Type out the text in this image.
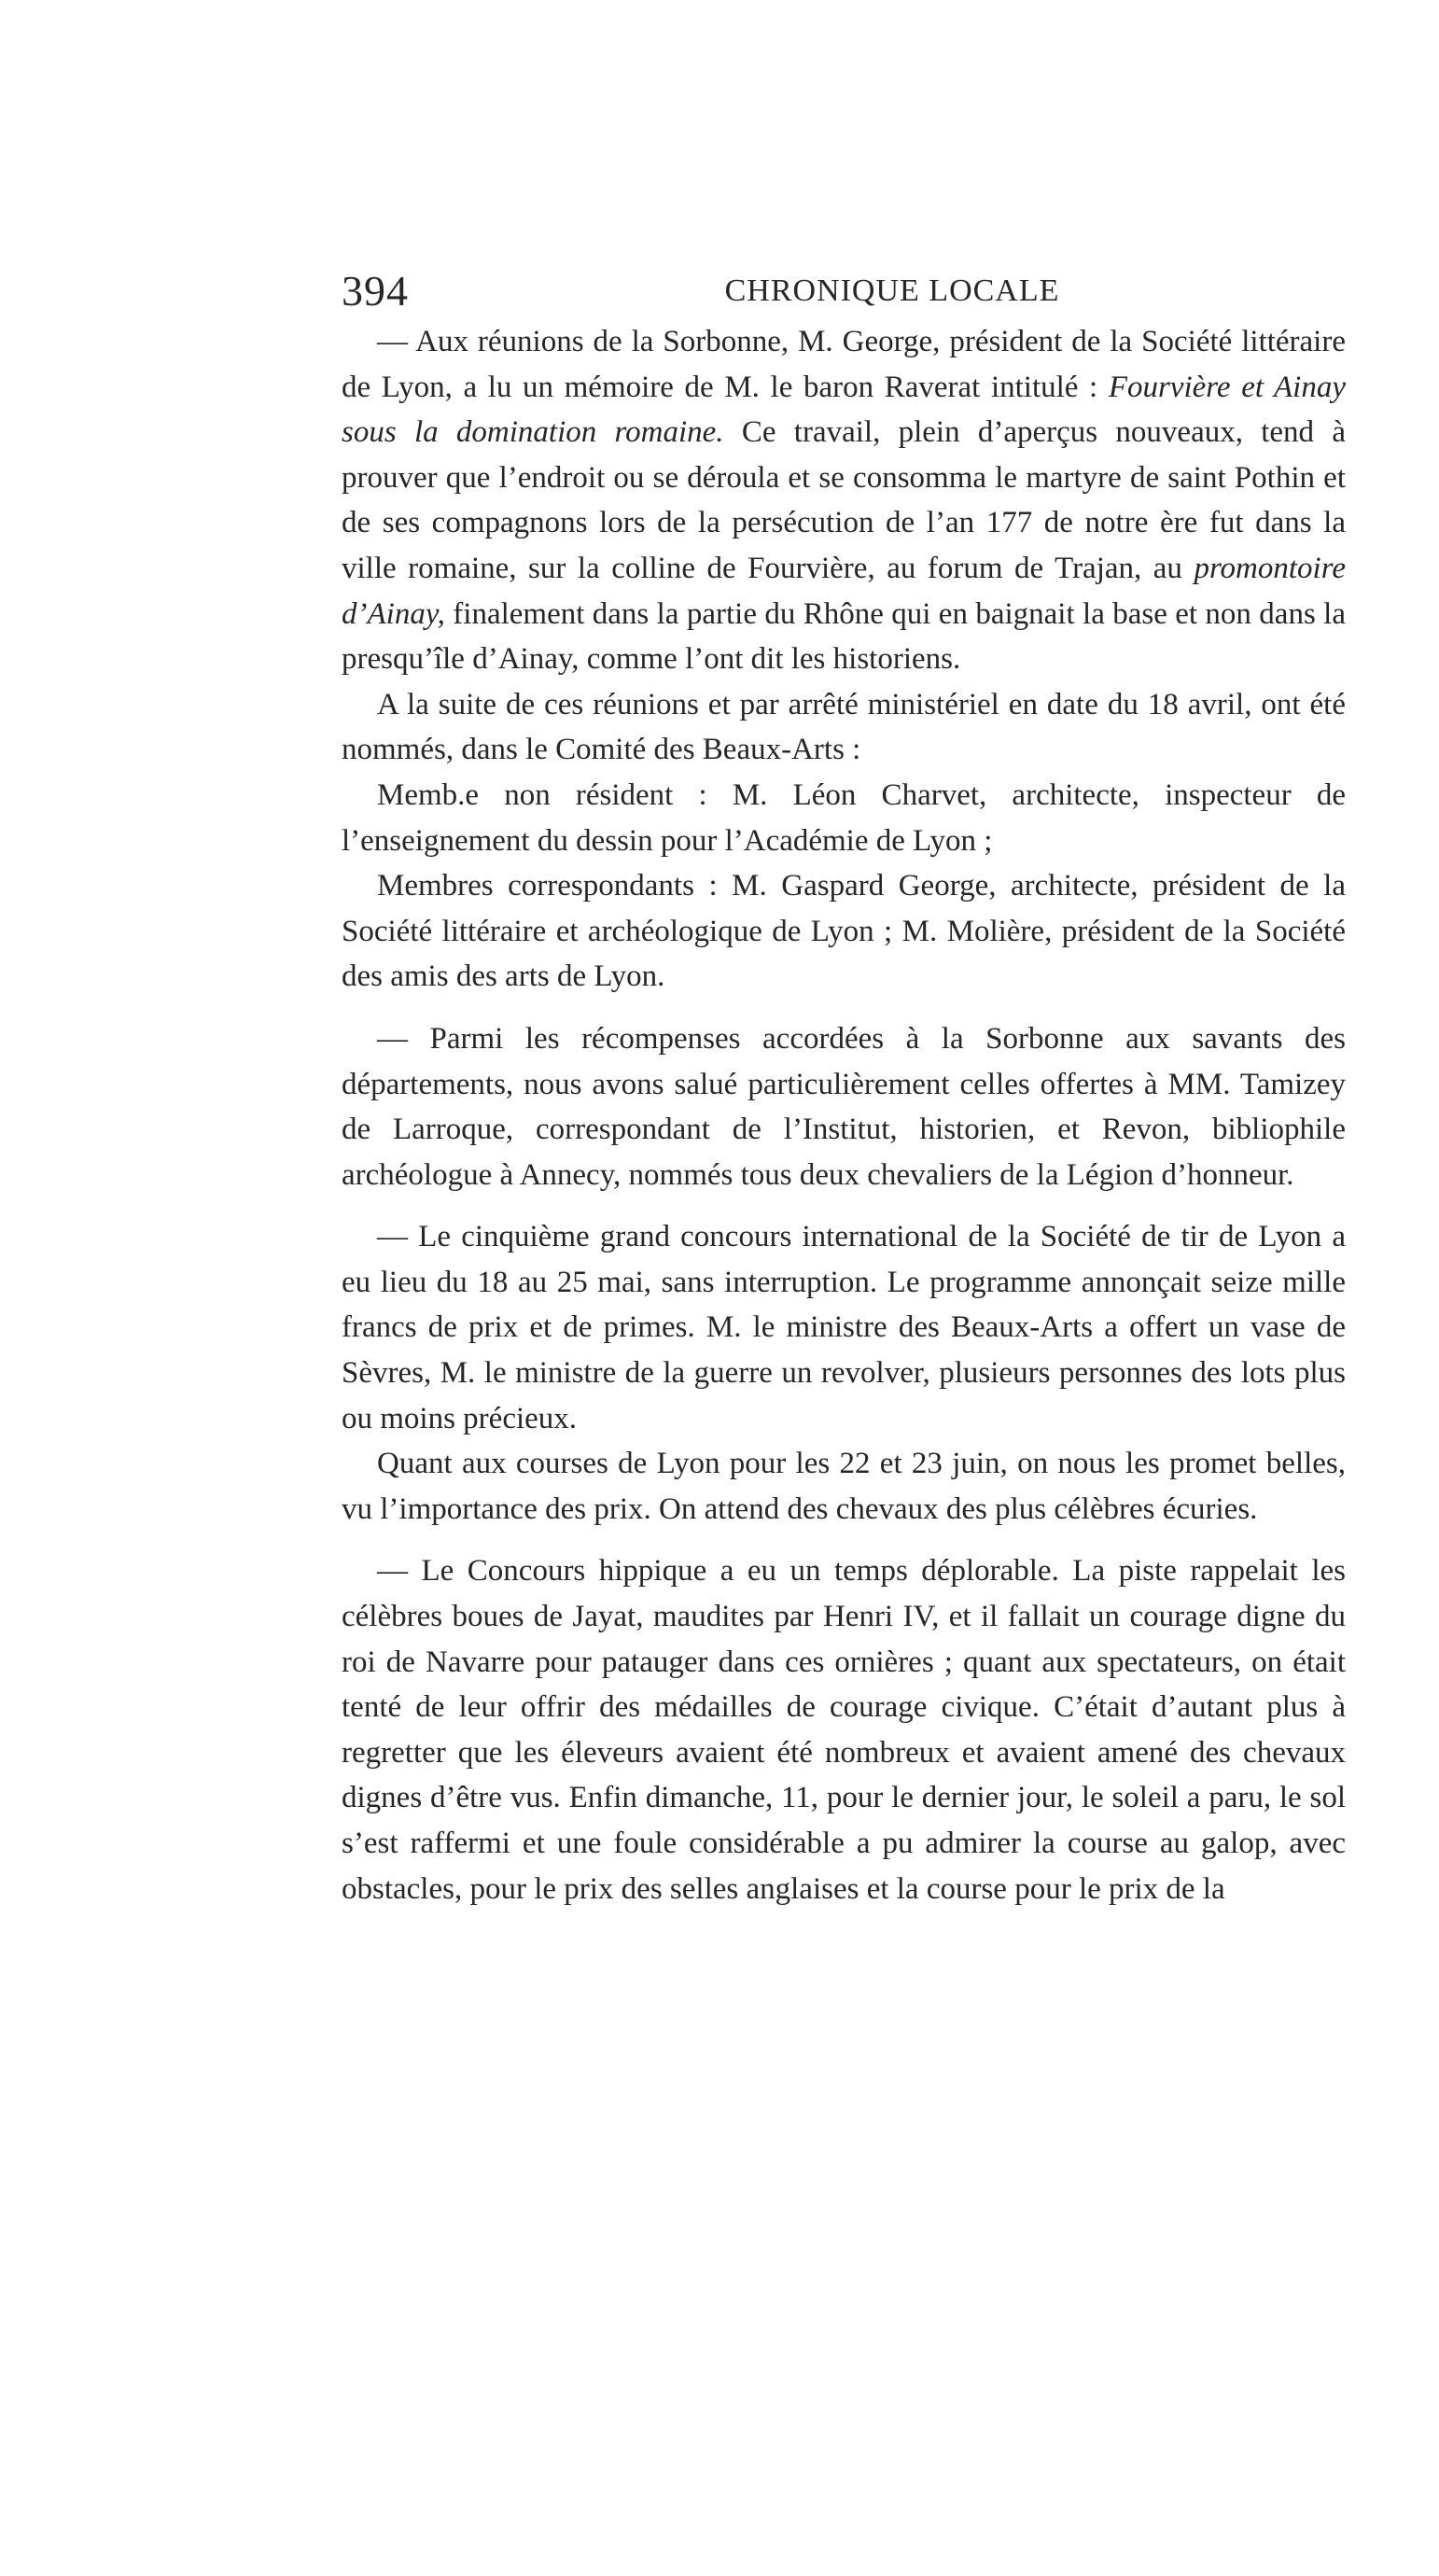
394	CHRONIQUE LOCALE

— Aux réunions de la Sorbonne, M. George, président de la Société littéraire de Lyon, a lu un mémoire de M. le baron Raverat intitulé : Fourvière et Ainay sous la domination romaine. Ce travail, plein d’aperçus nouveaux, tend à prouver que l’endroit ou se déroula et se consomma le martyre de saint Pothin et de ses compagnons lors de la persécution de l’an 177 de notre ère fut dans la ville romaine, sur la colline de Fourvière, au forum de Trajan, au promontoire d’Ainay, finalement dans la partie du Rhône qui en baignait la base et non dans la presqu’île d’Ainay, comme l’ont dit les historiens.

A la suite de ces réunions et par arrêté ministériel en date du 18 avril, ont été nommés, dans le Comité des Beaux-Arts :

Memb.e non résident : M. Léon Charvet, architecte, inspecteur de l’enseignement du dessin pour l’Académie de Lyon ;

Membres correspondants : M. Gaspard George, architecte, président de la Société littéraire et archéologique de Lyon ; M. Molière, président de la Société des amis des arts de Lyon.

— Parmi les récompenses accordées à la Sorbonne aux savants des départements, nous avons salué particulièrement celles offertes à MM. Tamizey de Larroque, correspondant de l’Institut, historien, et Revon, bibliophile archéologue à Annecy, nommés tous deux chevaliers de la Légion d’honneur.

— Le cinquième grand concours international de la Société de tir de Lyon a eu lieu du 18 au 25 mai, sans interruption. Le programme annonçait seize mille francs de prix et de primes. M. le ministre des Beaux-Arts a offert un vase de Sèvres, M. le ministre de la guerre un revolver, plusieurs personnes des lots plus ou moins précieux.

Quant aux courses de Lyon pour les 22 et 23 juin, on nous les promet belles, vu l’importance des prix. On attend des chevaux des plus célèbres écuries.

— Le Concours hippique a eu un temps déplorable. La piste rappelait les célèbres boues de Jayat, maudites par Henri IV, et il fallait un courage digne du roi de Navarre pour patauger dans ces ornières ; quant aux spectateurs, on était tenté de leur offrir des médailles de courage civique. C’était d’autant plus à regretter que les éleveurs avaient été nombreux et avaient amené des chevaux dignes d’être vus. Enfin dimanche, 11, pour le dernier jour, le soleil a paru, le sol s’est raffermi et une foule considérable a pu admirer la course au galop, avec obstacles, pour le prix des selles anglaises et la course pour le prix de la
